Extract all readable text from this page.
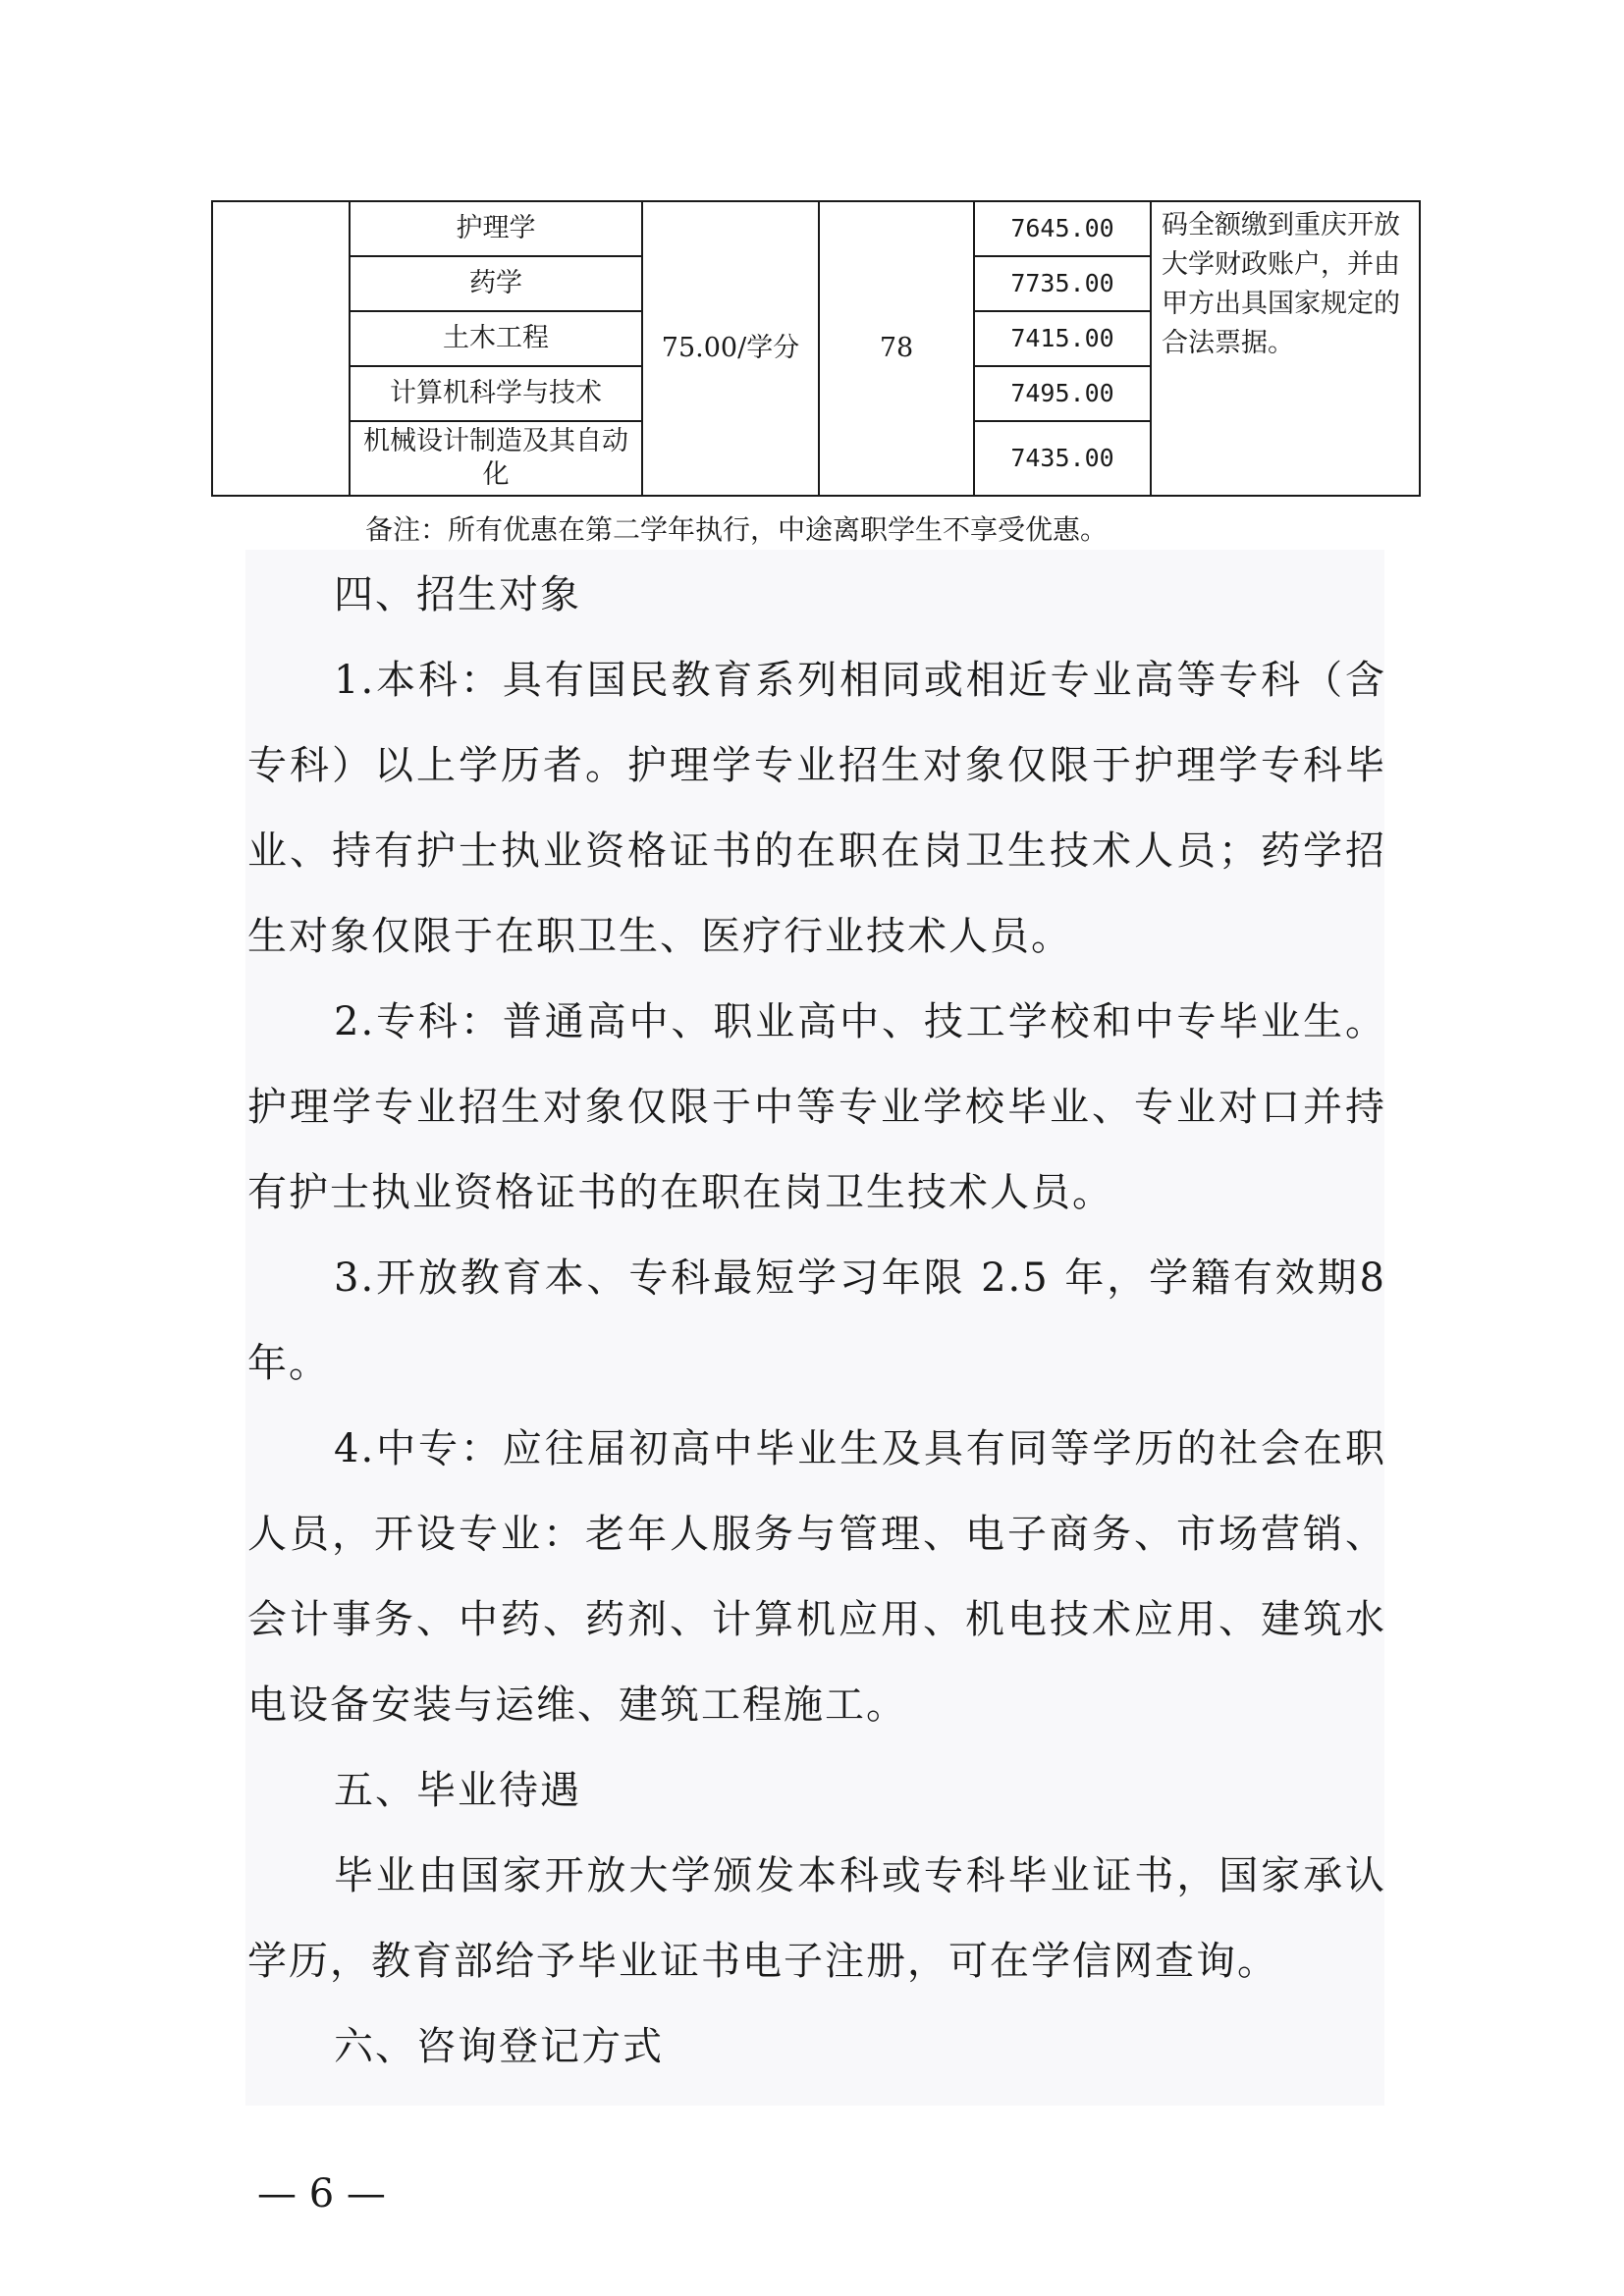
	护理学	75.00/学分	78	7645.00	码全额缴到重庆开放大学财政账户，并由甲方出具国家规定的合法票据。
	药学			7735.00	
	土木工程			7415.00	
	计算机科学与技术			7495.00	
	机械设计制造及其自动化			7435.00	
备注：所有优惠在第二学年执行，中途离职学生不享受优惠。

四、招生对象

1.本科：具有国民教育系列相同或相近专业高等专科（含专科）以上学历者。护理学专业招生对象仅限于护理学专科毕业、持有护士执业资格证书的在职在岗卫生技术人员；药学招生对象仅限于在职卫生、医疗行业技术人员。

2.专科：普通高中、职业高中、技工学校和中专毕业生。护理学专业招生对象仅限于中等专业学校毕业、专业对口并持有护士执业资格证书的在职在岗卫生技术人员。

3.开放教育本、专科最短学习年限 2.5 年，学籍有效期8 年。

4.中专：应往届初高中毕业生及具有同等学历的社会在职人员，开设专业：老年人服务与管理、电子商务、市场营销、会计事务、中药、药剂、计算机应用、机电技术应用、建筑水电设备安装与运维、建筑工程施工。

五、毕业待遇

毕业由国家开放大学颁发本科或专科毕业证书，国家承认学历，教育部给予毕业证书电子注册，可在学信网查询。

六、咨询登记方式

— 6 —
